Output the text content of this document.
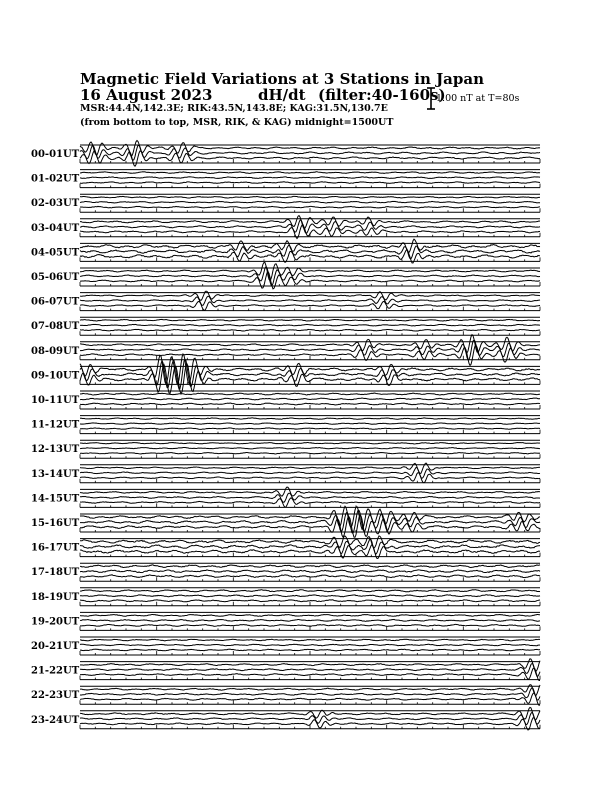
Magnetic Field Variations at 3 Stations in Japan
16 August 2023	dH/dt (filter:40-160s)
MSR:44.4N,142.3E; RIK:43.5N,143.8E; KAG:31.5N,130.7E
(from bottom to top, MSR, RIK, & KAG) midnight=1500UT
1.00 nT at T=80s
00-01UT
01-02UT
02-03UT
03-04UT
04-05UT
05-06UT
06-07UT
07-08UT
08-09UT
09-10UT
10-11UT
11-12UT
12-13UT
13-14UT
14-15UT
15-16UT
16-17UT
17-18UT
18-19UT
19-20UT
20-21UT
21-22UT
22-23UT
23-24UT
